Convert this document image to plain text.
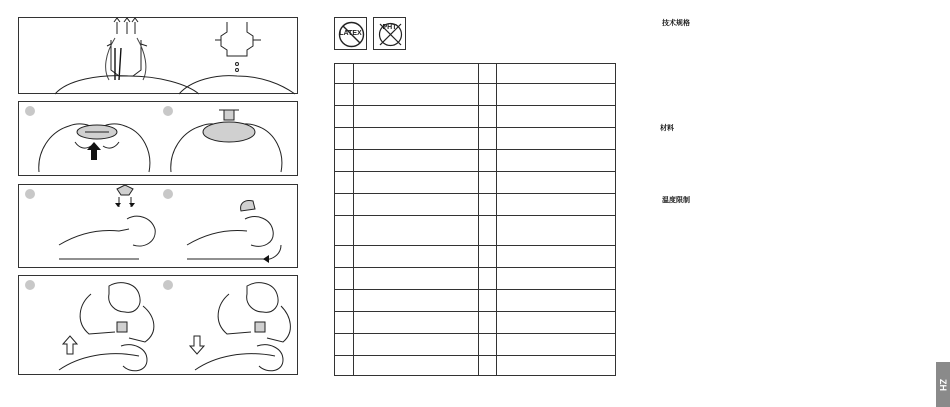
LATEX
PHT

技术规格
材料
温度限制
ZH
